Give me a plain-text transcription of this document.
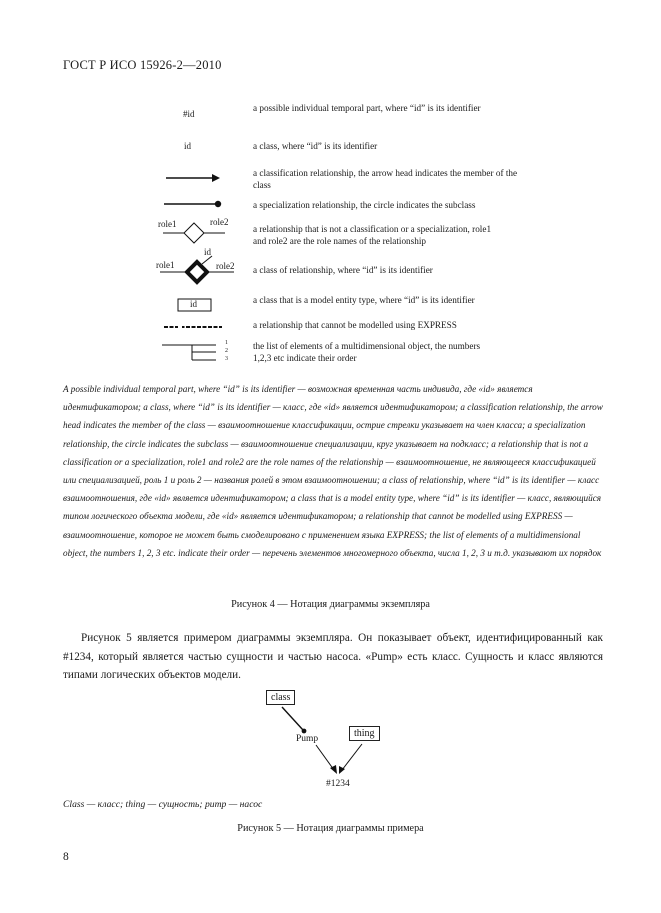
ГОСТ Р ИСО 15926-2—2010
#id
id
role1	role2
role1	role2
id
id
1
2
3
a possible individual temporal part, where “id” is its identifier
a class, where “id” is its identifier
a classification relationship, the arrow head indicates the member of the class
a specialization relationship, the circle indicates the subclass
a relationship that is not a classification or a specialization, role1 and role2 are the role names of the relationship
a class of relationship, where “id” is its identifier
a class that is a model entity type, where “id” is its identifier
a relationship that cannot be modelled using EXPRESS
the list of elements of a multidimensional object, the numbers 1,2,3 etc indicate their order
A possible individual temporal part, where “id” is its identifier — возможная временная часть индивида, где «id» является идентификатором; a class, where “id” is its identifier — класс, где «id» является идентификатором; a classification relationship, the arrow head indicates the member of the class — взаимоотношение классификации, острие стрелки указывает на член класса; a specialization relationship, the circle indicates the subclass — взаимоотношение специализации, круг указывает на подкласс; a relationship that is not a classification or a specialization, role1 and role2 are the role names of the relationship — взаимоотношение, не являющееся классификацией или специализацией, роль 1 и роль 2 — названия ролей в этом взаимоотношении; a class of relationship, where “id” is its identifier — класс взаимоотношения, где «id» является идентификатором; a class that is a model entity type, where “id” is its identifier — класс, являющийся типом логического объекта модели, где «id» является идентификатором; a relationship that cannot be modelled using EXPRESS — взаимоотношение, которое не может быть смоделировано с применением языка EXPRESS; the list of elements of a multidimensional object, the numbers 1, 2, 3 etc. indicate their order — перечень элементов многомерного объекта, числа 1, 2, 3 и т.д. указывают их порядок
Рисунок 4 — Нотация диаграммы экземпляра
Рисунок 5 является примером диаграммы экземпляра. Он показывает объект, идентифицированный как #1234, который является частью сущности и частью насоса. «Pump» есть класс. Сущность и класс являются типами логических объектов модели.
class
thing
Pump
#1234
Class — класс; thing — сущность; pump — насос
Рисунок 5 — Нотация диаграммы примера
8
